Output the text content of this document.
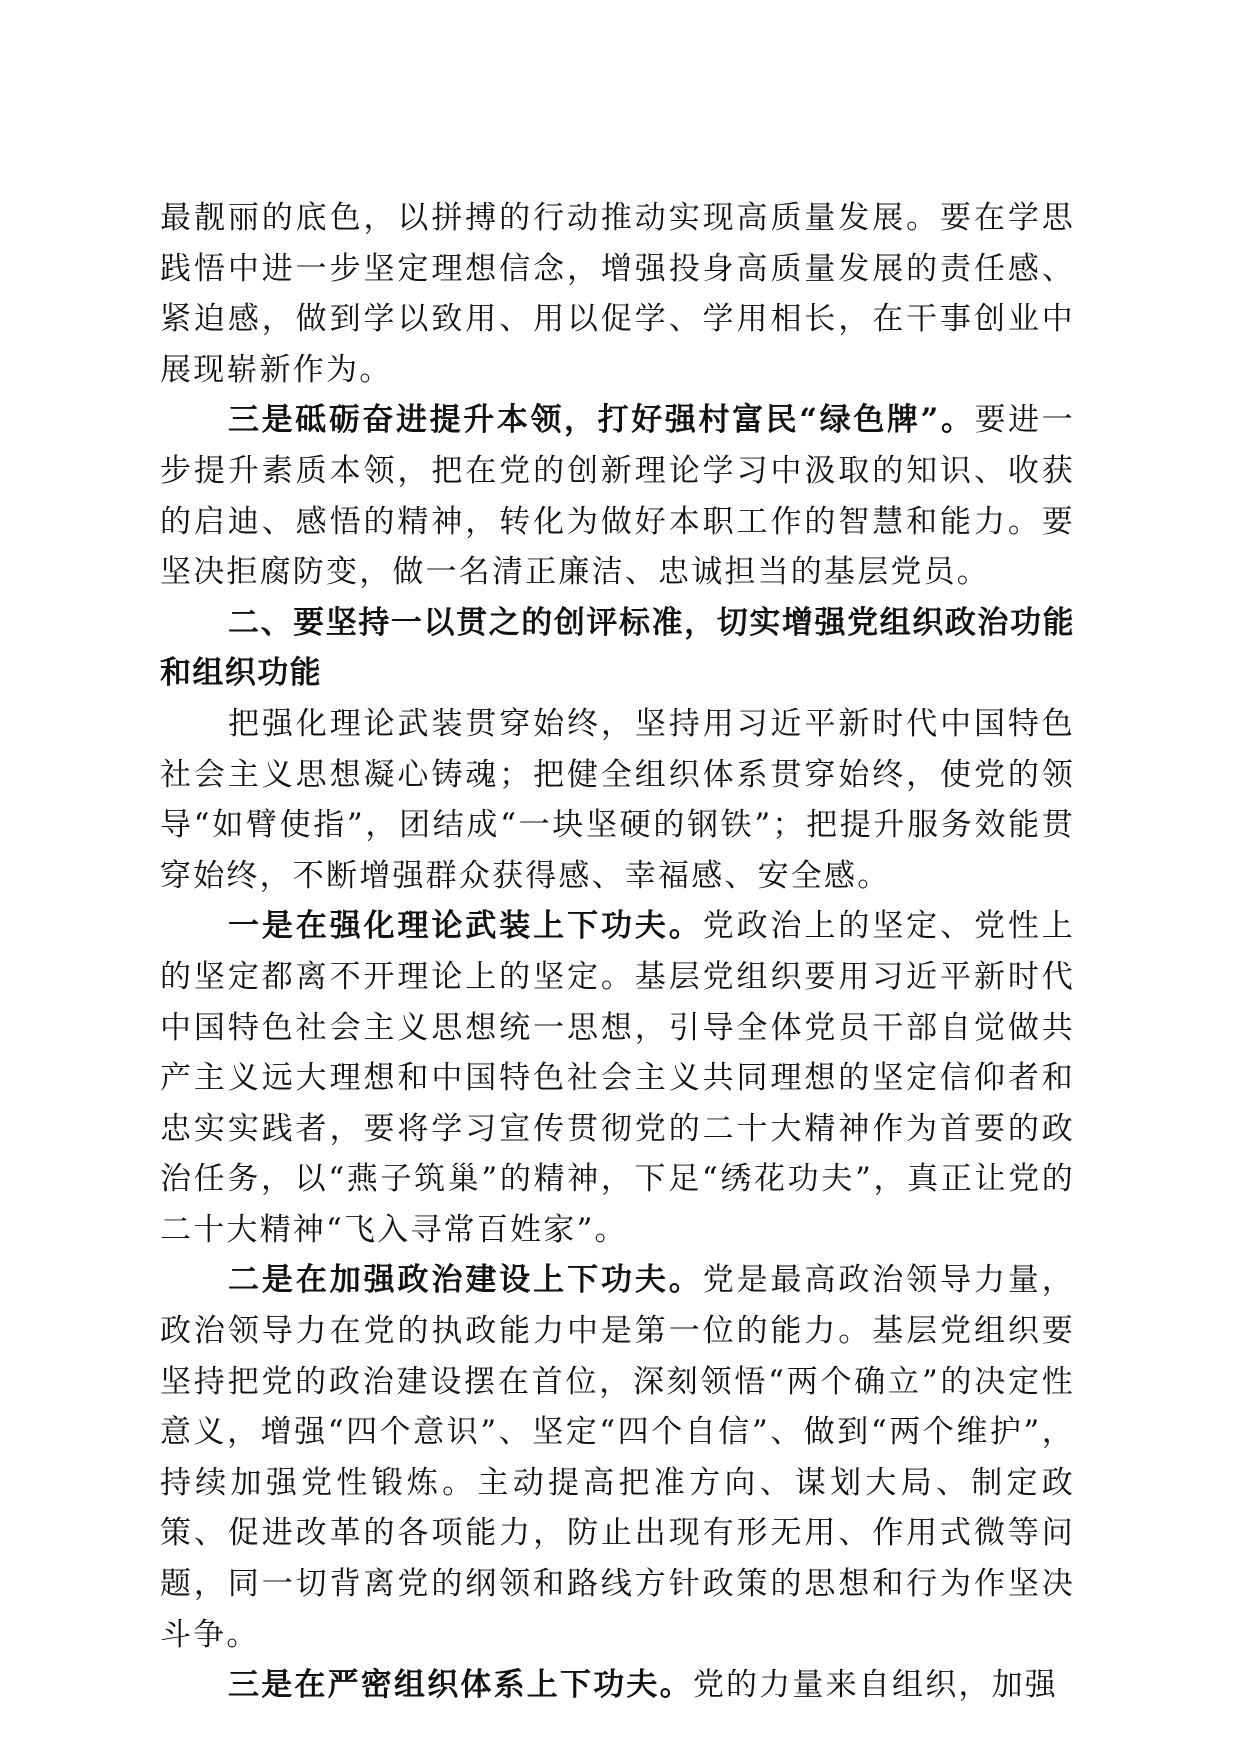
最靓丽的底色，以拼搏的行动推动实现高质量发展。要在学思践悟中进一步坚定理想信念，增强投身高质量发展的责任感、紧迫感，做到学以致用、用以促学、学用相长，在干事创业中展现崭新作为。

三是砥砺奋进提升本领，打好强村富民“绿色牌”。要进一步提升素质本领，把在党的创新理论学习中汲取的知识、收获的启迪、感悟的精神，转化为做好本职工作的智慧和能力。要坚决拒腐防变，做一名清正廉洁、忠诚担当的基层党员。

二、要坚持一以贯之的创评标准，切实增强党组织政治功能和组织功能

把强化理论武装贯穿始终，坚持用习近平新时代中国特色社会主义思想凝心铸魂；把健全组织体系贯穿始终，使党的领导“如臂使指”，团结成“一块坚硬的钢铁”；把提升服务效能贯穿始终，不断增强群众获得感、幸福感、安全感。

一是在强化理论武装上下功夫。党政治上的坚定、党性上的坚定都离不开理论上的坚定。基层党组织要用习近平新时代中国特色社会主义思想统一思想，引导全体党员干部自觉做共产主义远大理想和中国特色社会主义共同理想的坚定信仰者和忠实实践者，要将学习宣传贯彻党的二十大精神作为首要的政治任务，以“燕子筑巢”的精神，下足“绣花功夫”，真正让党的二十大精神“飞入寻常百姓家”。

二是在加强政治建设上下功夫。党是最高政治领导力量，政治领导力在党的执政能力中是第一位的能力。基层党组织要坚持把党的政治建设摆在首位，深刻领悟“两个确立”的决定性意义，增强“四个意识”、坚定“四个自信”、做到“两个维护”，持续加强党性锻炼。主动提高把准方向、谋划大局、制定政策、促进改革的各项能力，防止出现有形无用、作用式微等问题，同一切背离党的纲领和路线方针政策的思想和行为作坚决斗争。

三是在严密组织体系上下功夫。党的力量来自组织，加强
